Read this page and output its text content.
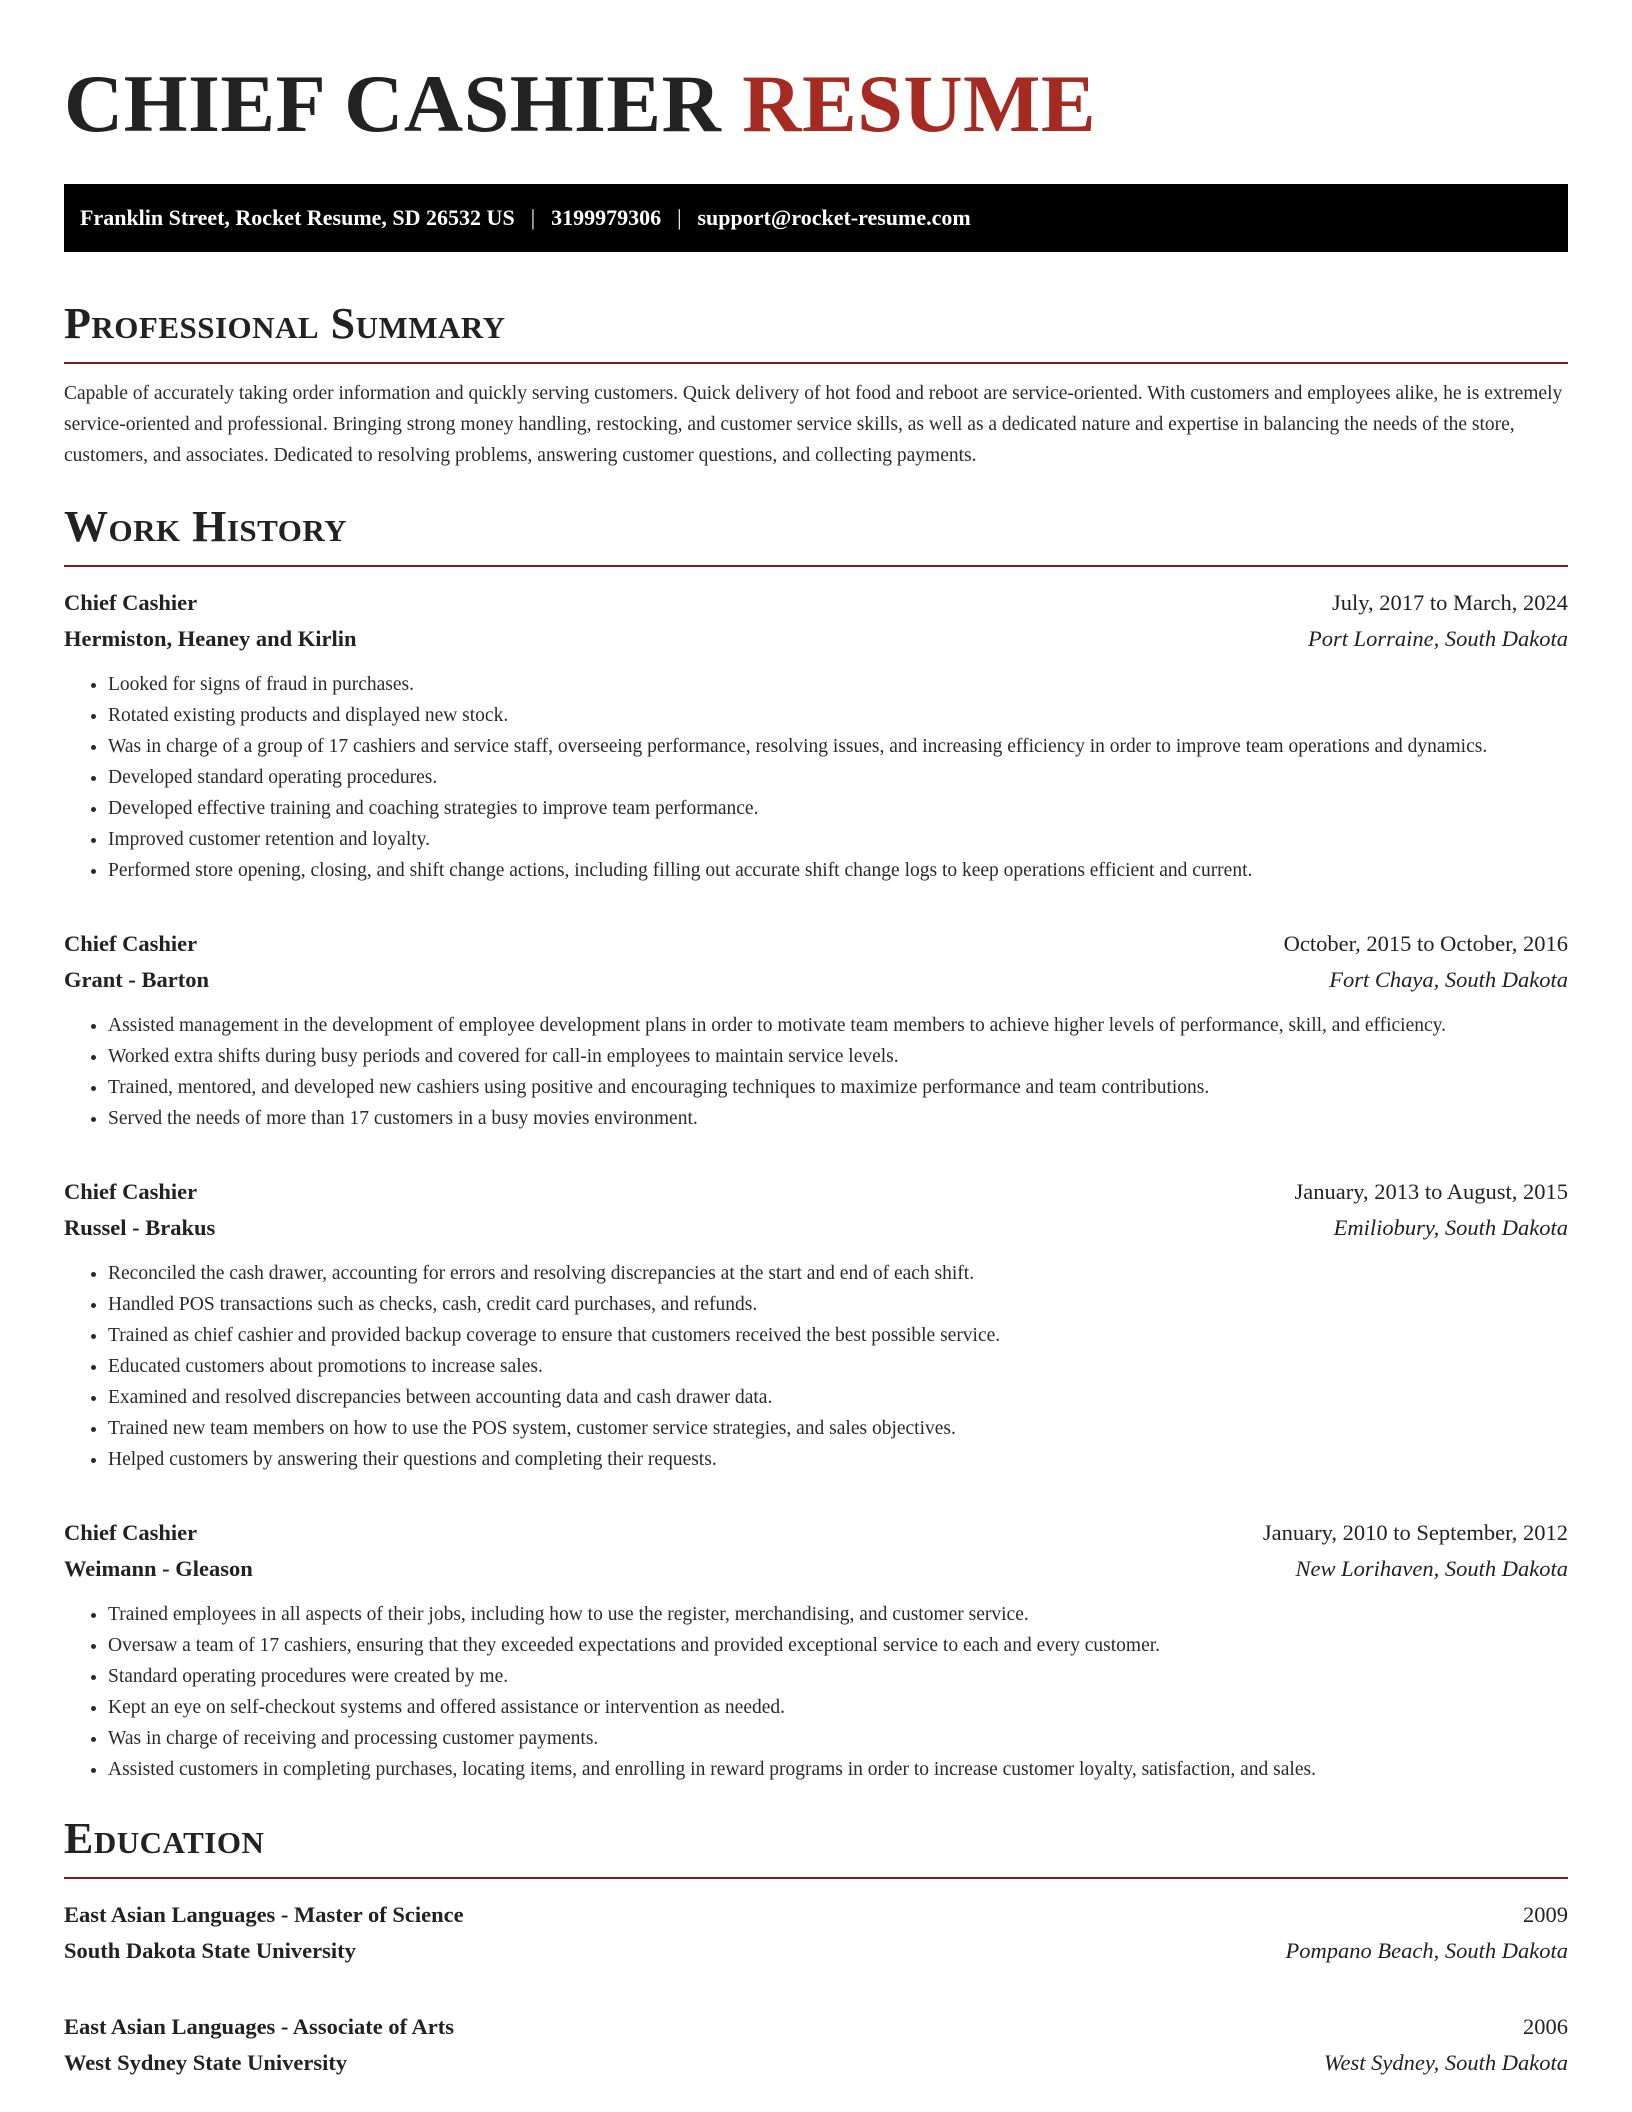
CHIEF CASHIER RESUME
Franklin Street, Rocket Resume, SD 26532 US | 3199979306 | support@rocket-resume.com
Professional Summary

Capable of accurately taking order information and quickly serving customers. Quick delivery of hot food and reboot are service-oriented. With customers and employees alike, he is extremely service-oriented and professional. Bringing strong money handling, restocking, and customer service skills, as well as a dedicated nature and expertise in balancing the needs of the store, customers, and associates. Dedicated to resolving problems, answering customer questions, and collecting payments.

Work History
Chief Cashier	July, 2017 to March, 2024
Hermiston, Heaney and Kirlin	Port Lorraine, South Dakota
• Looked for signs of fraud in purchases.
• Rotated existing products and displayed new stock.
• Was in charge of a group of 17 cashiers and service staff, overseeing performance, resolving issues, and increasing efficiency in order to improve team operations and dynamics.
• Developed standard operating procedures.
• Developed effective training and coaching strategies to improve team performance.
• Improved customer retention and loyalty.
• Performed store opening, closing, and shift change actions, including filling out accurate shift change logs to keep operations efficient and current.
Chief Cashier	October, 2015 to October, 2016
Grant - Barton	Fort Chaya, South Dakota
• Assisted management in the development of employee development plans in order to motivate team members to achieve higher levels of performance, skill, and efficiency.
• Worked extra shifts during busy periods and covered for call-in employees to maintain service levels.
• Trained, mentored, and developed new cashiers using positive and encouraging techniques to maximize performance and team contributions.
• Served the needs of more than 17 customers in a busy movies environment.
Chief Cashier	January, 2013 to August, 2015
Russel - Brakus	Emiliobury, South Dakota
• Reconciled the cash drawer, accounting for errors and resolving discrepancies at the start and end of each shift.
• Handled POS transactions such as checks, cash, credit card purchases, and refunds.
• Trained as chief cashier and provided backup coverage to ensure that customers received the best possible service.
• Educated customers about promotions to increase sales.
• Examined and resolved discrepancies between accounting data and cash drawer data.
• Trained new team members on how to use the POS system, customer service strategies, and sales objectives.
• Helped customers by answering their questions and completing their requests.
Chief Cashier	January, 2010 to September, 2012
Weimann - Gleason	New Lorihaven, South Dakota
• Trained employees in all aspects of their jobs, including how to use the register, merchandising, and customer service.
• Oversaw a team of 17 cashiers, ensuring that they exceeded expectations and provided exceptional service to each and every customer.
• Standard operating procedures were created by me.
• Kept an eye on self-checkout systems and offered assistance or intervention as needed.
• Was in charge of receiving and processing customer payments.
• Assisted customers in completing purchases, locating items, and enrolling in reward programs in order to increase customer loyalty, satisfaction, and sales.
Education
East Asian Languages - Master of Science	2009
South Dakota State University	Pompano Beach, South Dakota
East Asian Languages - Associate of Arts	2006
West Sydney State University	West Sydney, South Dakota
